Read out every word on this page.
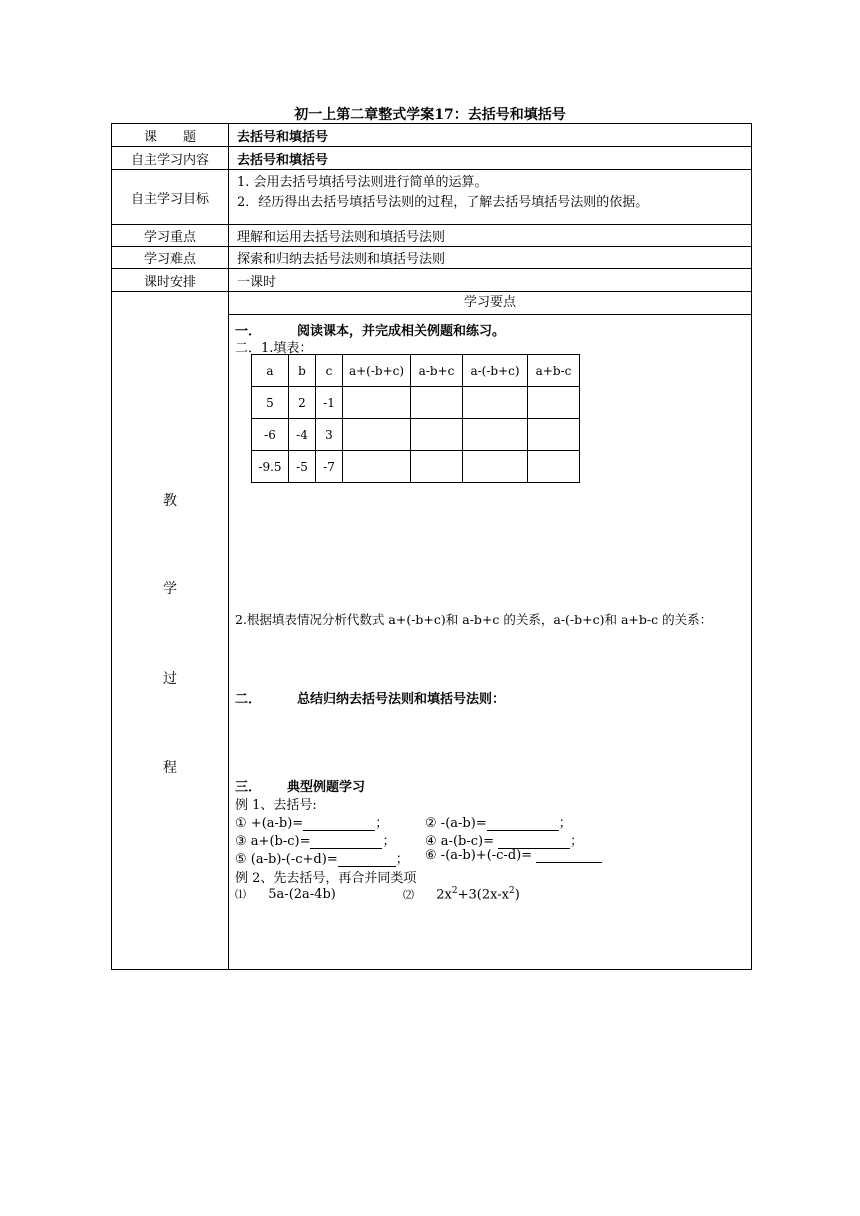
初一上第二章整式学案17：去括号和填括号
课　　题	去括号和填括号
自主学习内容	去括号和填括号
自主学习目标
1. 会用去括号填括号法则进行简单的运算。
2．经历得出去括号填括号法则的过程，了解去括号填括号法则的依据。
学习重点	理解和运用去括号法则和填括号法则
学习难点	探索和归纳去括号法则和填括号法则
课时安排	一课时
教
学
过
程
学习要点
一．	阅读课本，并完成相关例题和练习。
二．1.填表：
a	b	c	a+(-b+c)	a-b+c	a-(-b+c)	a+b-c
5	2	-1				
-6	-4	3				
-9.5	-5	-7				
2.根据填表情况分析代数式 a+(-b+c)和 a-b+c 的关系，a-(-b+c)和 a+b-c 的关系：
二．	总结归纳去括号法则和填括号法则：
三． 典型例题学习
例 1、去括号:
① +(a-b)=	；	② -(a-b)=	；
③ a+(b-c)=	； ④ a-(b-c)=	；
⑤ (a-b)-(-c+d)=	； ⑥ -(a-b)+(-c-d)=
例 2、先去括号，再合并同类项
⑴ 5a-(2a-4b)	⑵ $2x^2+3(2x-x^2)$
